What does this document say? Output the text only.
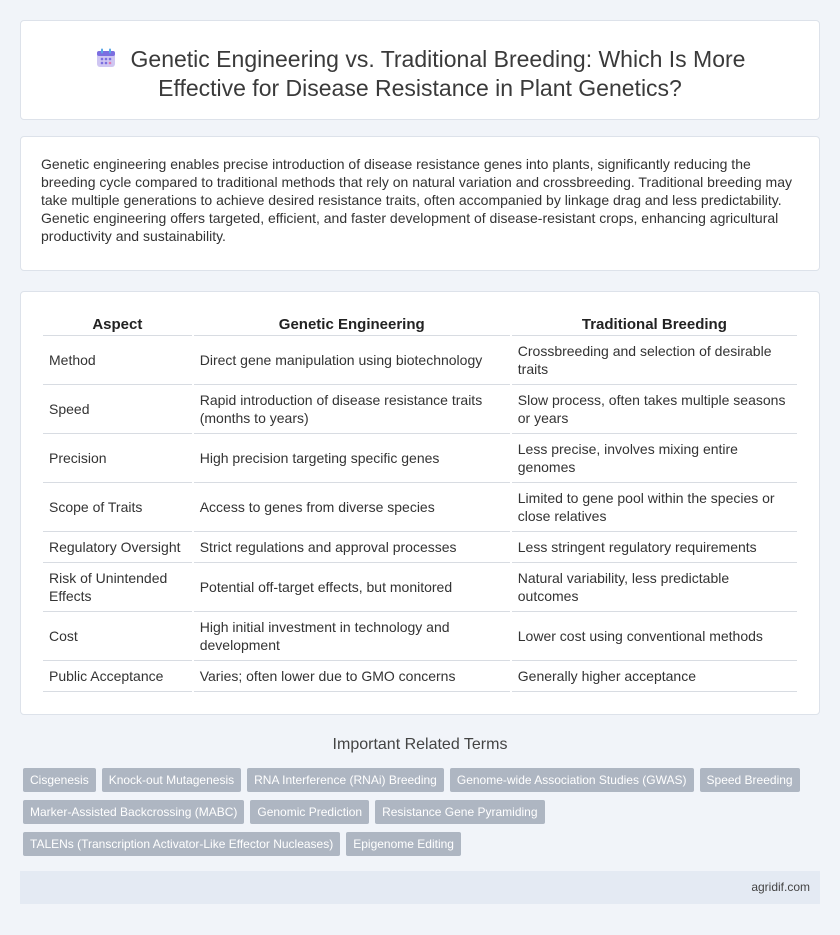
Genetic Engineering vs. Traditional Breeding: Which Is More Effective for Disease Resistance in Plant Genetics?

Genetic engineering enables precise introduction of disease resistance genes into plants, significantly reducing the breeding cycle compared to traditional methods that rely on natural variation and crossbreeding. Traditional breeding may take multiple generations to achieve desired resistance traits, often accompanied by linkage drag and less predictability. Genetic engineering offers targeted, efficient, and faster development of disease-resistant crops, enhancing agricultural productivity and sustainability.

Aspect	Genetic Engineering	Traditional Breeding
Method	Direct gene manipulation using biotechnology	Crossbreeding and selection of desirable traits
Speed	Rapid introduction of disease resistance traits (months to years)	Slow process, often takes multiple seasons or years
Precision	High precision targeting specific genes	Less precise, involves mixing entire genomes
Scope of Traits	Access to genes from diverse species	Limited to gene pool within the species or close relatives
Regulatory Oversight	Strict regulations and approval processes	Less stringent regulatory requirements
Risk of Unintended Effects	Potential off-target effects, but monitored	Natural variability, less predictable outcomes
Cost	High initial investment in technology and development	Lower cost using conventional methods
Public Acceptance	Varies; often lower due to GMO concerns	Generally higher acceptance
Important Related Terms
Cisgenesis	Knock-out Mutagenesis	RNA Interference (RNAi) Breeding	Genome-wide Association Studies (GWAS)	Speed Breeding
Marker-Assisted Backcrossing (MABC)	Genomic Prediction	Resistance Gene Pyramiding
TALENs (Transcription Activator-Like Effector Nucleases)	Epigenome Editing
agridif.com
